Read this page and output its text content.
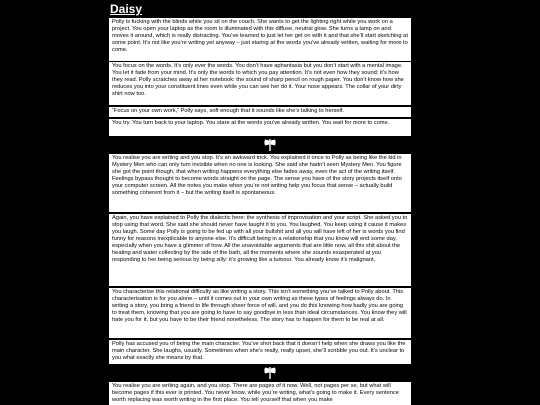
Daisy

Polly is fucking with the blinds while you sit on the couch. She wants to get the lighting right while you work on a project. You open your laptop as the room is illuminated with this diffuse, neutral glow. She turns a lamp on and moves it around, which is really distracting. You’ve learned to just let her get on with it and that she’ll start sketching at some point. It’s not like you’re writing yet anyway – just staring at the words you’ve already written, waiting for more to come.

You focus on the words. It’s only ever the words. You don’t have aphantasia but you don’t start with a mental image. You let it fade from your mind. It’s only the words to which you pay attention. It’s not even how they sound; it’s how they read. Polly scratches away at her notebook: the sound of sharp pencil on rough paper. You don’t know how she reduces you into your constituent lines even while you can see her do it. Your nose appears. The collar of your dirty shirt now too.

“Focus on your own work,” Polly says, soft enough that it sounds like she’s talking to herself.

You try. You turn back to your laptop. You stare at the words you’ve already written. You wait for more to come.

You realise you are writing and you stop. It’s an awkward trick. You explained it once to Polly as being like the kid in Mystery Men who can only turn invisible when no one is looking. She said she hadn’t seen Mystery Men. You figure she got the point though, that when writing happens everything else fades away, even the act of the writing itself. Feelings bypass thought to become words straight on the page. The sense you have of the story projects itself onto your computer screen. All the notes you make when you’re not writing help you focus that sense – actually build something coherent from it – but the writing itself is spontaneous.

Again, you have explained to Polly the dialectic here: the synthesis of improvisation and your script. She asked you to stop using that word. She said she should never have taught it to you. You laughed. You keep using it cause it makes you laugh. Some day Polly is going to be fed up with all your bullshit and all you will have left of her is words you find funny for reasons inexplicable to anyone else. It’s difficult being in a relationship that you know will end some day, especially when you have a glimmer of how. All the unavoidable arguments that are little now, all this shit about the heating and water collecting by the side of the bath, all the moments where she sounds exasperated at you responding to her being serious by being silly: it’s growing like a tumour. You already know it’s malignant.

You characterise this relational difficulty as like writing a story. This isn’t something you’ve talked to Polly about. This characterisation is for you alone – until it comes out in your own writing as these types of feelings always do. In writing a story, you bring a friend to life through sheer force of will, and you do this knowing how badly you are going to treat them, knowing that you are going to have to say goodbye in less than ideal circumstances. You know they will hate you for it, but you have to be their friend nonetheless. The story has to happen for them to be real at all.

Polly has accused you of being the main character. You’ve shot back that it doesn’t help when she draws you like the main character. She laughs, usually. Sometimes when she’s really, really upset, she’ll scribble you out. It’s unclear to you what exactly she means by that.

You realise you are writing again, and you stop. There are pages of it now. Well, not pages per se, but what will become pages if this ever is printed. You never know, while you’re writing, what’s going to make it. Every sentence worth replacing was worth writing in the first place. You tell yourself that when you make
